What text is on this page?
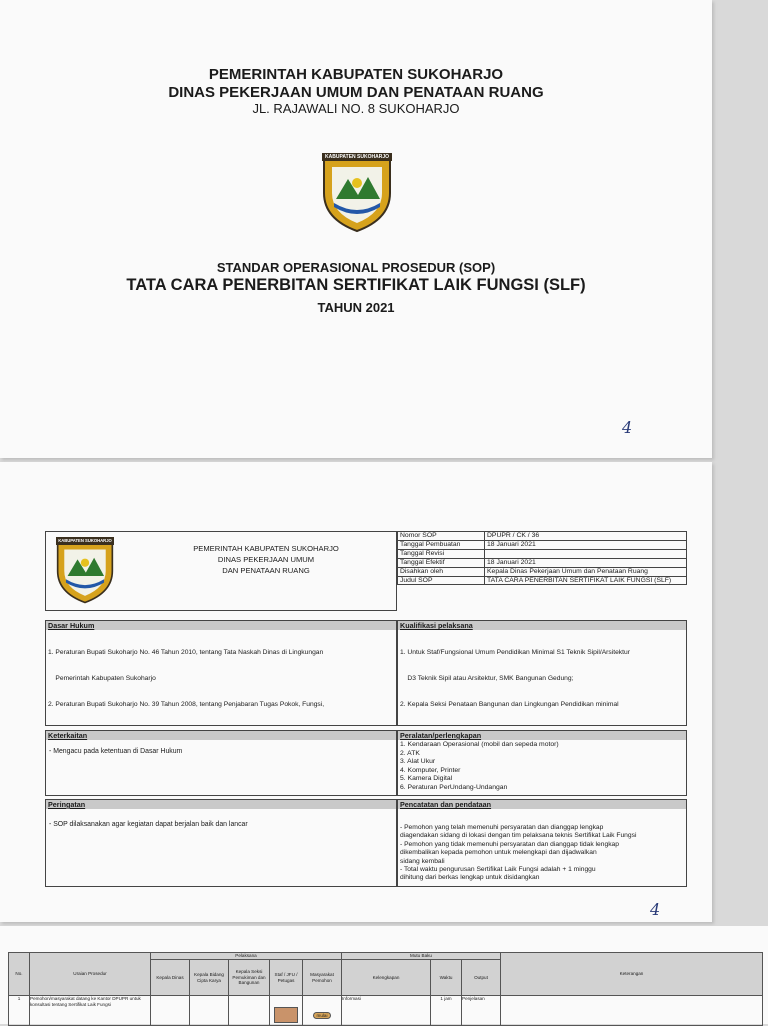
PEMERINTAH KABUPATEN SUKOHARJO
DINAS PEKERJAAN UMUM DAN PENATAAN RUANG
JL. RAJAWALI NO. 8 SUKOHARJO
KABUPATEN SUKOHARJO
STANDAR OPERASIONAL PROSEDUR (SOP)
TATA CARA PENERBITAN SERTIFIKAT LAIK FUNGSI (SLF)
TAHUN 2021
4
KABUPATEN SUKOHARJO
PEMERINTAH KABUPATEN SUKOHARJO
DINAS PEKERJAAN UMUM
DAN PENATAAN RUANG
Nomor SOP	DPUPR / CK / 36
Tanggal Pembuatan	18 Januari 2021
Tanggal Revisi	
Tanggal Efektif	18 Januari 2021
Disahkan oleh	Kepala Dinas Pekerjaan Umum dan Penataan Ruang
Judul SOP	TATA CARA PENERBITAN SERTIFIKAT LAIK FUNGSI (SLF)
Dasar Hukum

1. Peraturan Bupati Sukoharjo No. 46 Tahun 2010, tentang Tata Naskah Dinas di Lingkungan

Pemerintah Kabupaten Sukoharjo

2. Peraturan Bupati Sukoharjo No. 39 Tahun 2008, tentang Penjabaran Tugas Pokok, Fungsi,

Kualifikasi pelaksana

1. Untuk Staf/Fungsional Umum Pendidikan Minimal S1 Teknik Sipil/Arsitektur

D3 Teknik Sipil atau Arsitektur, SMK Bangunan Gedung;

2. Kepala Seksi Penataan Bangunan dan Lingkungan Pendidikan minimal

Keterkaitan
- Mengacu pada ketentuan di Dasar Hukum
Peralatan/perlengkapan
1. Kendaraan Operasional (mobil dan sepeda motor)
2. ATK
3. Alat Ukur
4. Komputer, Printer
5. Kamera Digital
6. Peraturan PerUndang-Undangan
Peringatan
- SOP dilaksanakan agar kegiatan dapat berjalan baik dan lancar
Pencatatan dan pendataan
- Pemohon yang telah memenuhi persyaratan dan dianggap lengkap
diagendakan sidang di lokasi dengan tim pelaksana teknis Sertifikat Laik Fungsi
- Pemohon yang tidak memenuhi persyaratan dan dianggap tidak lengkap
dikembalikan kepada pemohon untuk melengkapi dan dijadwalkan
sidang kembali
- Total waktu pengurusan Sertifikat Laik Fungsi adalah + 1 minggu
dihitung dari berkas lengkap untuk disidangkan
4
No.	Uraian Prosedur	Pelaksana					Mutu Baku			Keterangan
		Kepala Dinas	Kepala Bidang Cipta Karya	Kepala Seksi Pemukiman dan Bangunan	Staf / JFU / Petugas	Masyarakat Pemohon	Kelengkapan	Waktu	Output	
1	Pemohon/masyarakat datang ke Kantor DPUPR untuk konsultasi tentang Sertifikat Laik Fungsi					mulai	Informasi	1 jam	Penjelasan	
